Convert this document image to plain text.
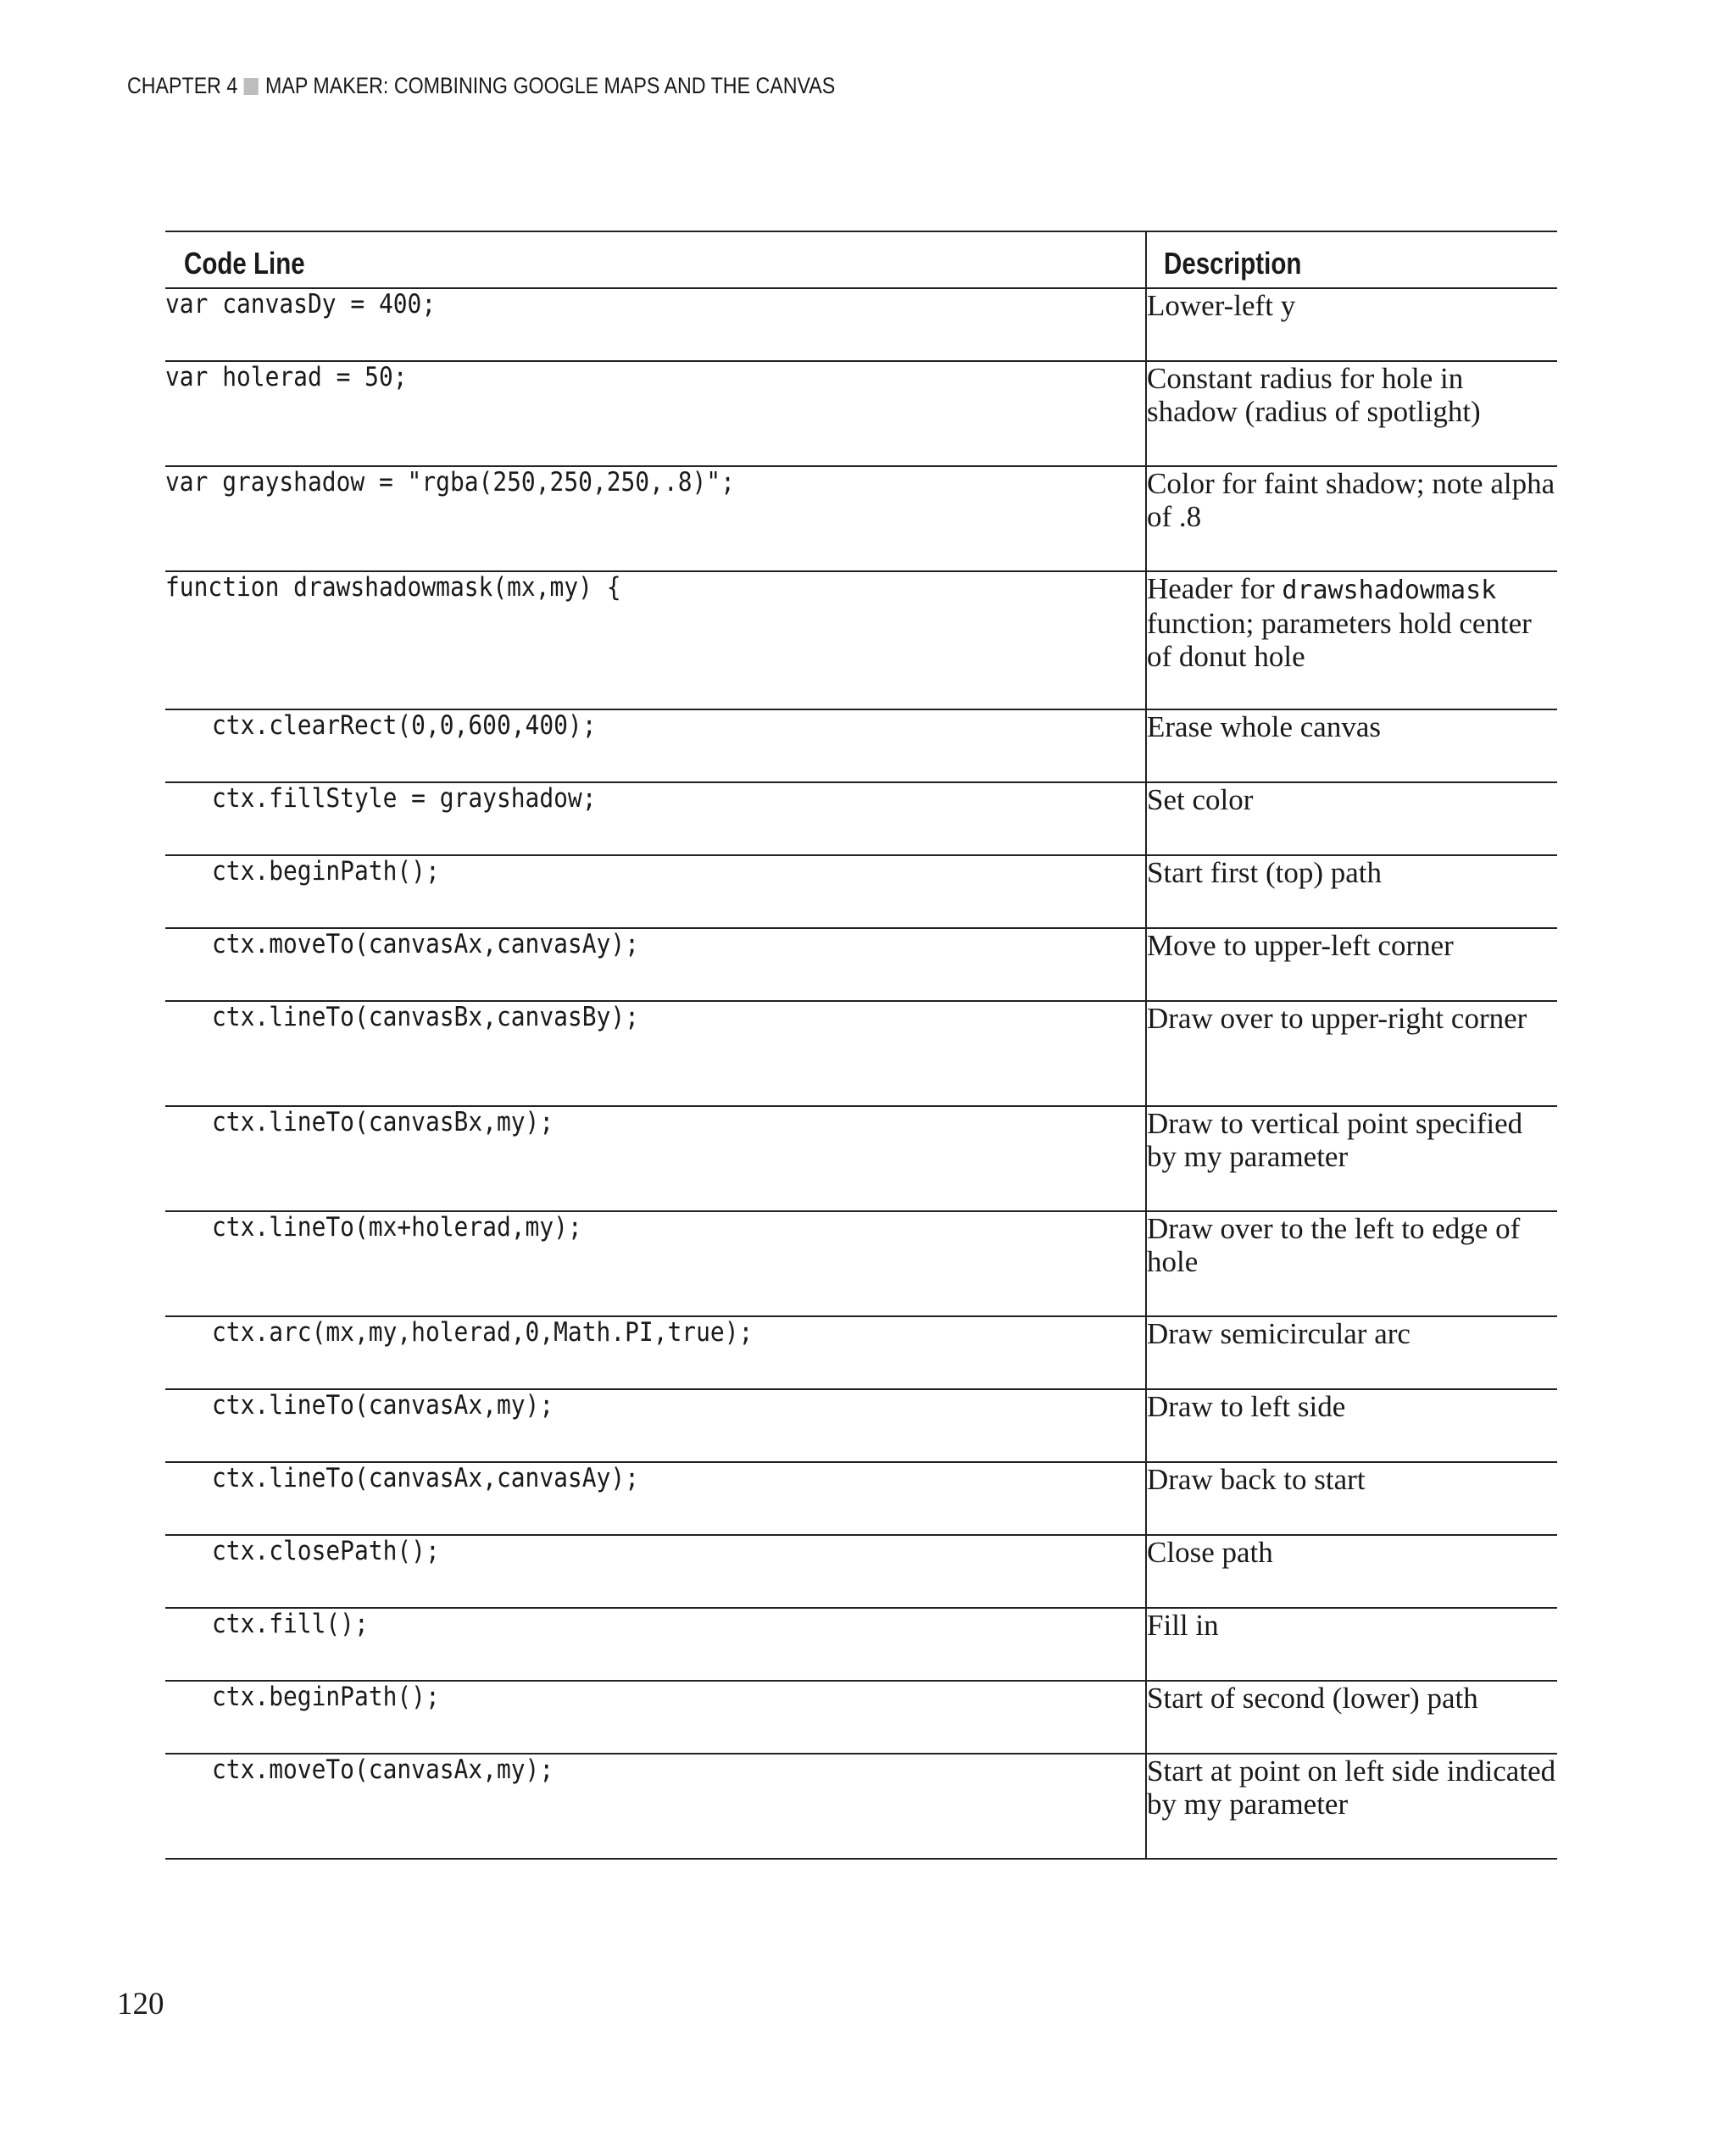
CHAPTER 4 MAP MAKER: COMBINING GOOGLE MAPS AND THE CANVAS
Code Line	Description
var canvasDy = 400;	Lower-left y
var holerad = 50;	Constant radius for hole in shadow (radius of spotlight)
var grayshadow = "rgba(250,250,250,.8)";	Color for faint shadow; note alpha of .8
function drawshadowmask(mx,my) {	Header for drawshadowmask function; parameters hold center of donut hole
ctx.clearRect(0,0,600,400);	Erase whole canvas
ctx.fillStyle = grayshadow;	Set color
ctx.beginPath();	Start first (top) path
ctx.moveTo(canvasAx,canvasAy);	Move to upper-left corner
ctx.lineTo(canvasBx,canvasBy);	Draw over to upper-right corner
ctx.lineTo(canvasBx,my);	Draw to vertical point specified by my parameter
ctx.lineTo(mx+holerad,my);	Draw over to the left to edge of hole
ctx.arc(mx,my,holerad,0,Math.PI,true);	Draw semicircular arc
ctx.lineTo(canvasAx,my);	Draw to left side
ctx.lineTo(canvasAx,canvasAy);	Draw back to start
ctx.closePath();	Close path
ctx.fill();	Fill in
ctx.beginPath();	Start of second (lower) path
ctx.moveTo(canvasAx,my);	Start at point on left side indicated by my parameter
120
